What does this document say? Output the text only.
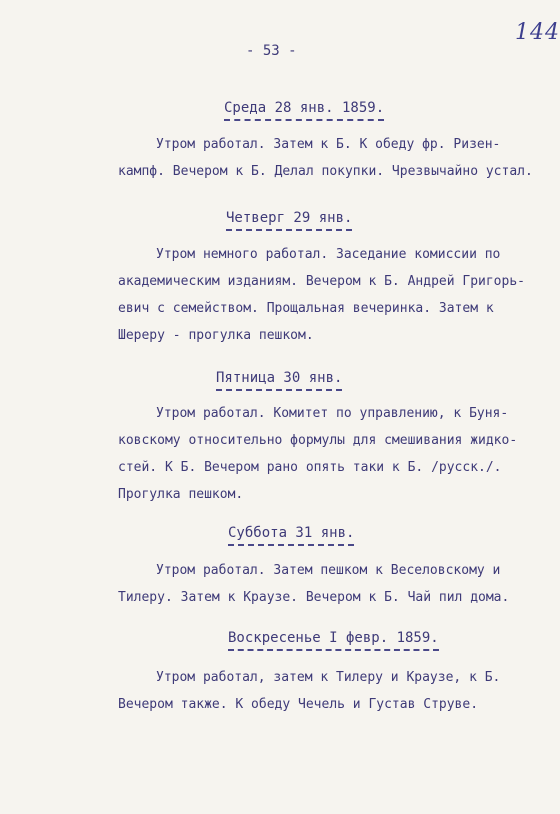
144
- 53 -
Среда 28 янв. 1859.
Утром работал. Затем к Б. К обеду фр. Ризен-
кампф. Вечером к Б. Делал покупки. Чрезвычайно устал.
Четверг 29 янв.
Утром немного работал. Заседание комиссии по
академическим изданиям. Вечером к Б. Андрей Григорь-
евич с семейством. Прощальная вечеринка. Затем к
Шереру - прогулка пешком.
Пятница 30 янв.
Утром работал. Комитет по управлению, к Буня-
ковскому относительно формулы для смешивания жидко-
стей. К Б. Вечером рано опять таки к Б. /русск./.
Прогулка пешком.
Суббота 31 янв.
Утром работал. Затем пешком к Веселовскому и
Тилеру. Затем к Краузе. Вечером к Б. Чай пил дома.
Воскресенье I февр. 1859.
Утром работал, затем к Тилеру и Краузе, к Б.
Вечером также. К обеду Чечель и Густав Струве.
